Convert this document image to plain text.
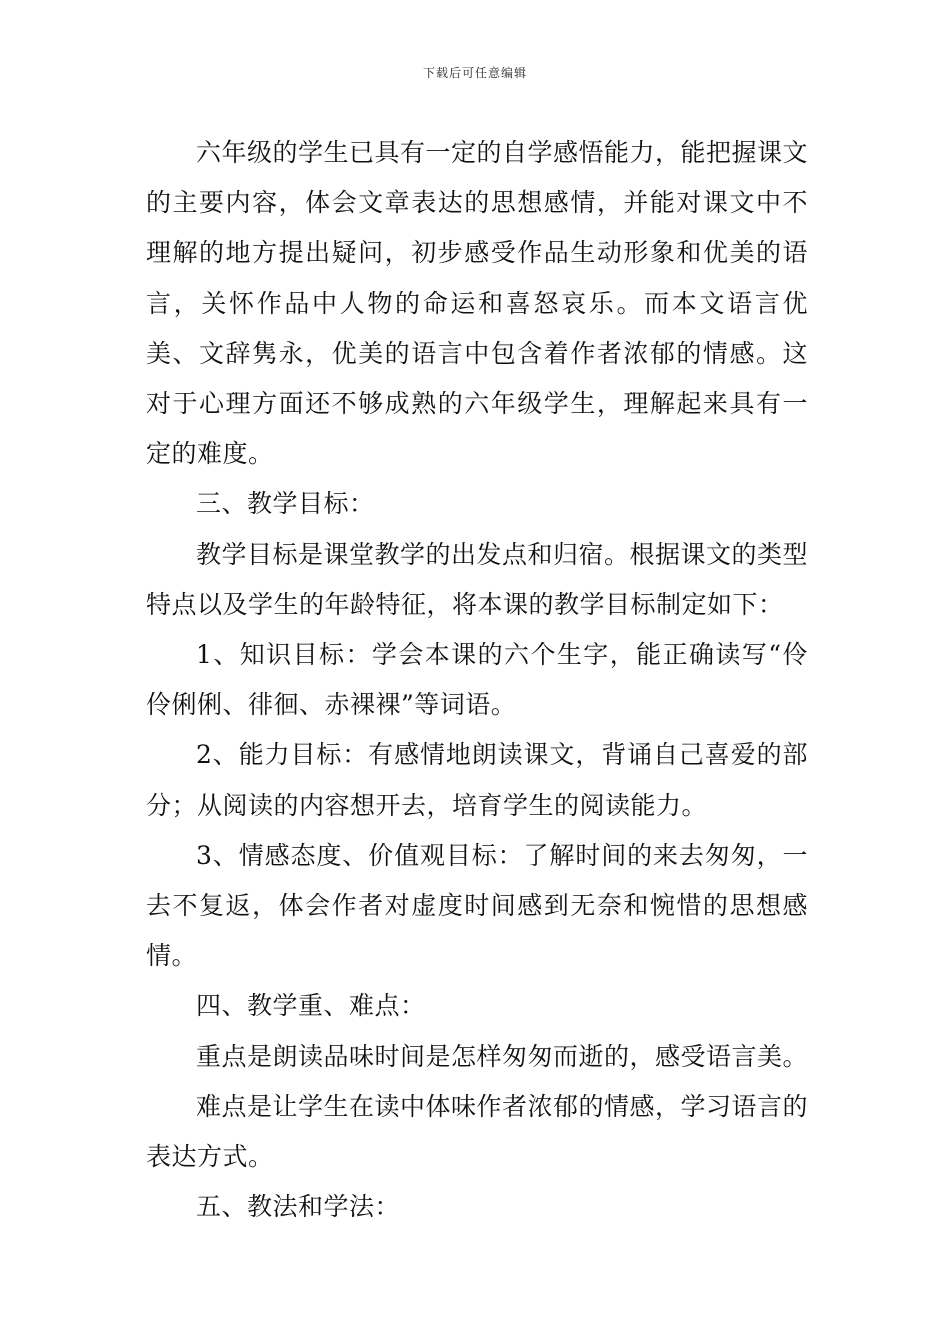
下载后可任意编辑

六年级的学生已具有一定的自学感悟能力，能把握课文的主要内容，体会文章表达的思想感情，并能对课文中不理解的地方提出疑问，初步感受作品生动形象和优美的语言，关怀作品中人物的命运和喜怒哀乐。而本文语言优美、文辞隽永，优美的语言中包含着作者浓郁的情感。这对于心理方面还不够成熟的六年级学生，理解起来具有一定的难度。

三、教学目标：

教学目标是课堂教学的出发点和归宿。根据课文的类型特点以及学生的年龄特征，将本课的教学目标制定如下：

1、知识目标：学会本课的六个生字，能正确读写“伶伶俐俐、徘徊、赤裸裸”等词语。

2、能力目标：有感情地朗读课文，背诵自己喜爱的部分；从阅读的内容想开去，培育学生的阅读能力。

3、情感态度、价值观目标：了解时间的来去匆匆，一去不复返，体会作者对虚度时间感到无奈和惋惜的思想感情。

四、教学重、难点：

重点是朗读品味时间是怎样匆匆而逝的，感受语言美。

难点是让学生在读中体味作者浓郁的情感，学习语言的表达方式。

五、教法和学法：
